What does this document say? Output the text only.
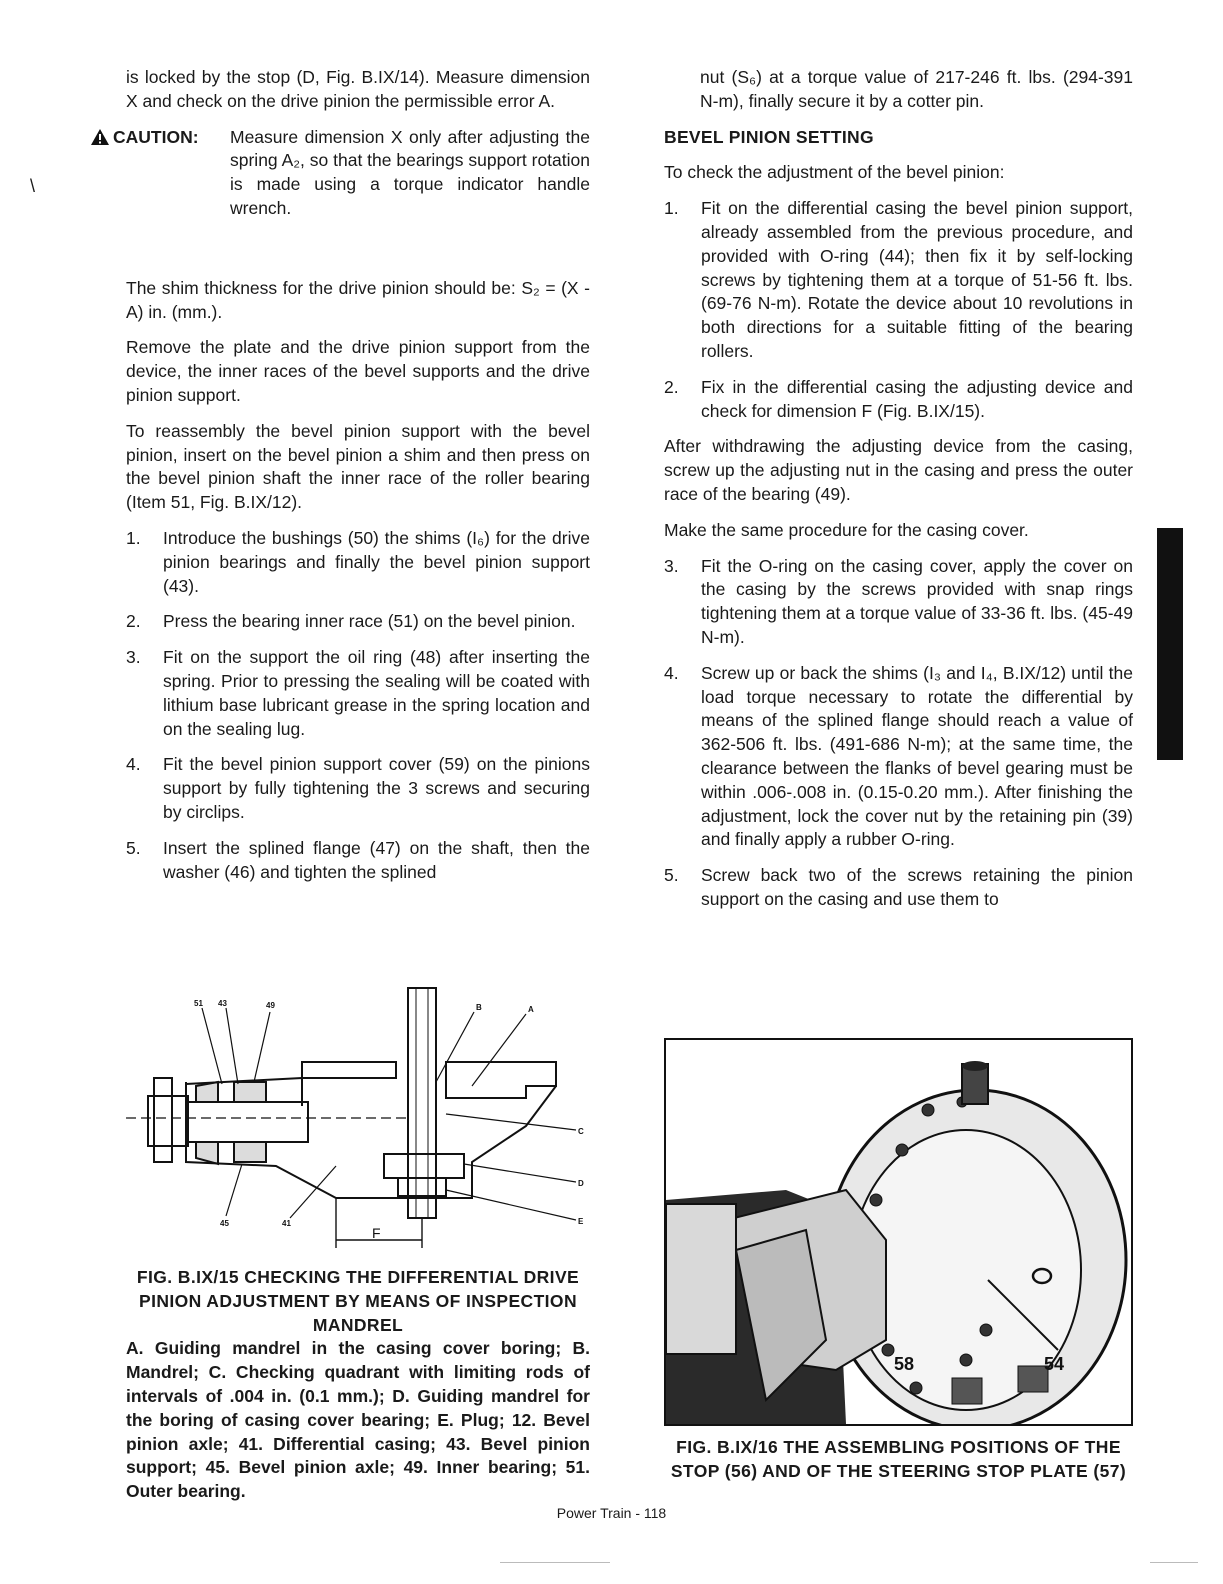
is locked by the stop (D, Fig. B.IX/14). Measure dimension X and check on the drive pinion the permissible error A.

CAUTION: Measure dimension X only after adjusting the spring A₂, so that the bearings support rotation is made using a torque indicator handle wrench.

The shim thickness for the drive pinion should be: S₂ = (X - A) in. (mm.).

Remove the plate and the drive pinion support from the device, the inner races of the bevel supports and the drive pinion support.

To reassembly the bevel pinion support with the bevel pinion, insert on the bevel pinion a shim and then press on the bevel pinion shaft the inner race of the roller bearing (Item 51, Fig. B.IX/12).

1.	Introduce the bushings (50) the shims (I₆) for the drive pinion bearings and finally the bevel pinion support (43).
2.	Press the bearing inner race (51) on the bevel pinion.
3.	Fit on the support the oil ring (48) after inserting the spring. Prior to pressing the sealing will be coated with lithium base lubricant grease in the spring location and on the sealing lug.
4.	Fit the bevel pinion support cover (59) on the pinions support by fully tightening the 3 screws and securing by circlips.
5.	Insert the splined flange (47) on the shaft, then the washer (46) and tighten the splined
51 43	49	B	A
C
D
E
45	41
F
FIG. B.IX/15 CHECKING THE DIFFERENTIAL DRIVE PINION ADJUSTMENT BY MEANS OF INSPECTION MANDREL
A. Guiding mandrel in the casing cover boring; B. Mandrel; C. Checking quadrant with limiting rods of intervals of .004 in. (0.1 mm.); D. Guiding mandrel for the boring of casing cover bearing; E. Plug; 12. Bevel pinion axle; 41. Differential casing; 43. Bevel pinion support; 45. Bevel pinion axle; 49. Inner bearing; 51. Outer bearing.

nut (S₆) at a torque value of 217-246 ft. lbs. (294-391 N-m), finally secure it by a cotter pin.

BEVEL PINION SETTING

To check the adjustment of the bevel pinion:

1.	Fit on the differential casing the bevel pinion support, already assembled from the previous procedure, and provided with O-ring (44); then fix it by self-locking screws by tightening them at a torque of 51-56 ft. lbs. (69-76 N-m). Rotate the device about 10 revolutions in both directions for a suitable fitting of the bearing rollers.
2.	Fix in the differential casing the adjusting device and check for dimension F (Fig. B.IX/15).

After withdrawing the adjusting device from the casing, screw up the adjusting nut in the casing and press the outer race of the bearing (49).

Make the same procedure for the casing cover.

3.	Fit the O-ring on the casing cover, apply the cover on the casing by the screws provided with snap rings tightening them at a torque value of 33-36 ft. lbs. (45-49 N-m).
4.	Screw up or back the shims (I₃ and I₄, B.IX/12) until the load torque necessary to rotate the differential by means of the splined flange should reach a value of 362-506 ft. lbs. (491-686 N-m); at the same time, the clearance between the flanks of bevel gearing must be within .006-.008 in. (0.15-0.20 mm.). After finishing the adjustment, lock the cover nut by the retaining pin (39) and finally apply a rubber O-ring.
5.	Screw back two of the screws retaining the pinion support on the casing and use them to
58	54
FIG. B.IX/16 THE ASSEMBLING POSITIONS OF THE STOP (56) AND OF THE STEERING STOP PLATE (57)
\
Power Train - 118
